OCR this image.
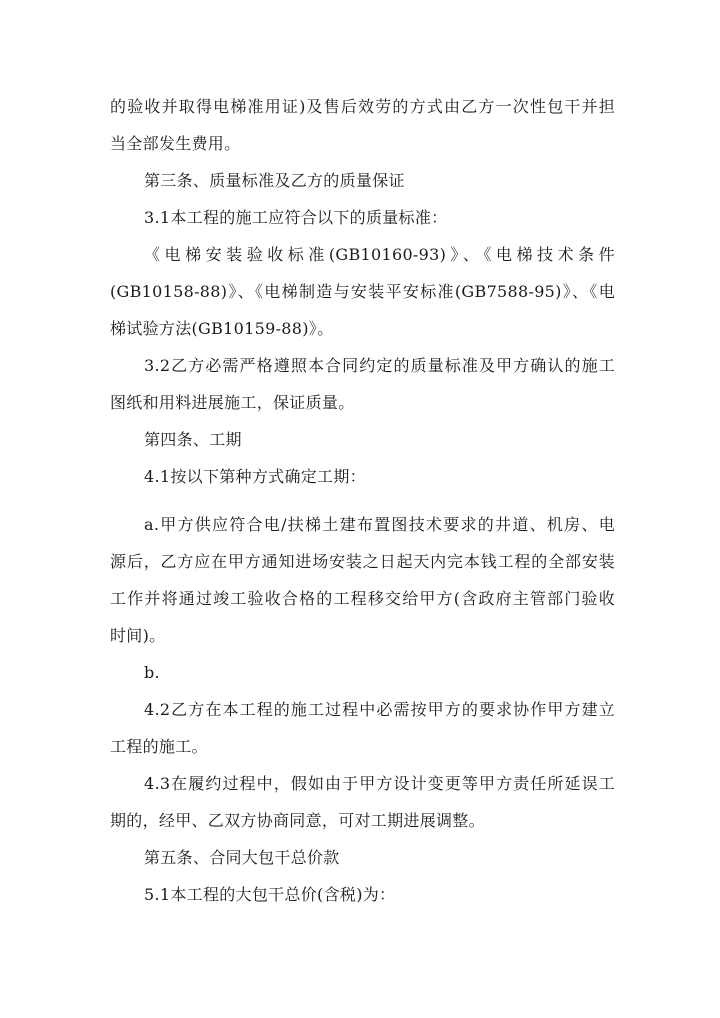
的验收并取得电梯准用证)及售后效劳的方式由乙方一次性包干并担
当全部发生费用。

第三条、质量标准及乙方的质量保证

3.1本工程的施工应符合以下的质量标准：

《电梯安装验收标准(GB10160-93)》、《电梯技术条件
(GB10158-88)》、《电梯制造与安装平安标准(GB7588-95)》、《电
梯试验方法(GB10159-88)》。

3.2乙方必需严格遵照本合同约定的质量标准及甲方确认的施工
图纸和用料进展施工，保证质量。

第四条、工期

4.1按以下第种方式确定工期：

a.甲方供应符合电/扶梯土建布置图技术要求的井道、机房、电
源后，乙方应在甲方通知进场安装之日起天内完本钱工程的全部安装
工作并将通过竣工验收合格的工程移交给甲方(含政府主管部门验收
时间)。

b.

4.2乙方在本工程的施工过程中必需按甲方的要求协作甲方建立
工程的施工。

4.3在履约过程中，假如由于甲方设计变更等甲方责任所延误工
期的，经甲、乙双方协商同意，可对工期进展调整。

第五条、合同大包干总价款

5.1本工程的大包干总价(含税)为：
